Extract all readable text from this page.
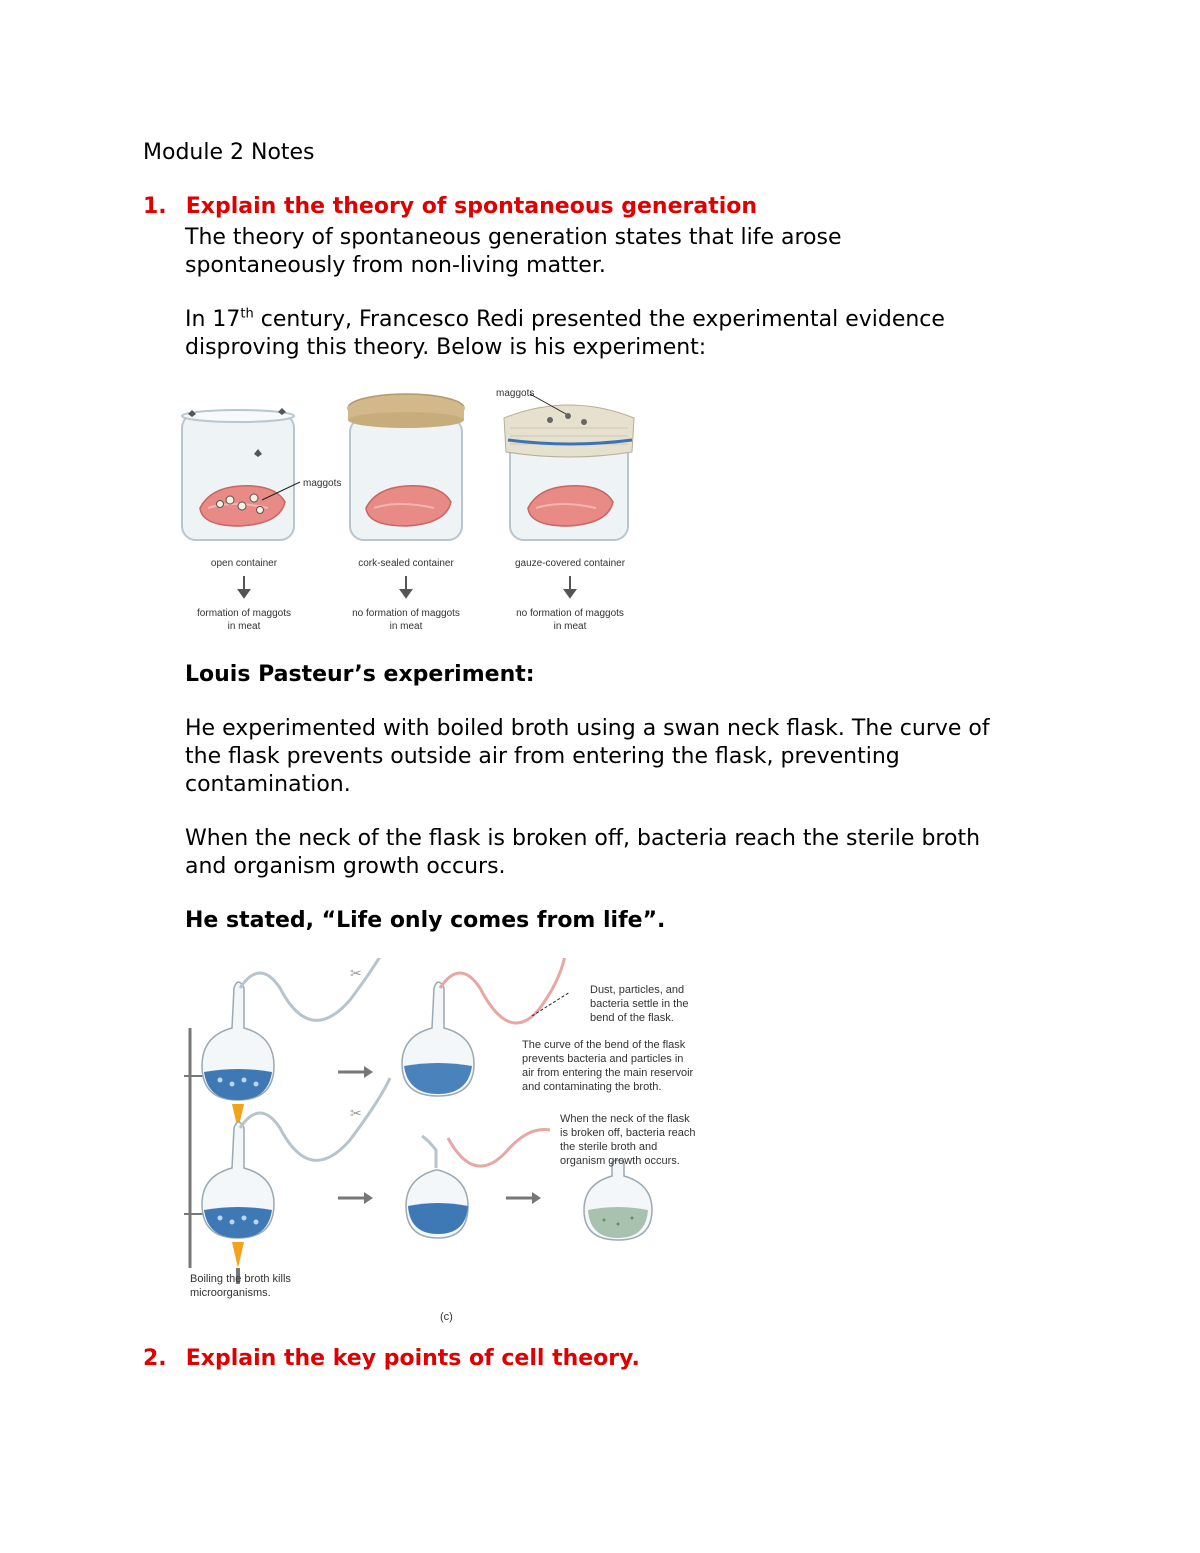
Module 2 Notes
1. Explain the theory of spontaneous generation
The theory of spontaneous generation states that life arose
spontaneously from non-living matter.
In 17th century, Francesco Redi presented the experimental evidence
disproving this theory. Below is his experiment:
maggots
maggots
open container	cork-sealed container	gauze-covered container
formation of maggots
in meat
no formation of maggots
in meat
no formation of maggots
in meat
Louis Pasteur’s experiment:
He experimented with boiled broth using a swan neck flask. The curve of
the flask prevents outside air from entering the flask, preventing
contamination.
When the neck of the flask is broken off, bacteria reach the sterile broth
and organism growth occurs.
He stated, “Life only comes from life”.
✂
Dust, particles, and bacteria settle in the bend of the flask.
The curve of the bend of the flask prevents bacteria and particles in air from entering the main reservoir and contaminating the broth.
✂	When the neck of the flask is broken off, bacteria reach the sterile broth and organism growth occurs.
Boiling the broth kills microorganisms.
(c)
2. Explain the key points of cell theory.
